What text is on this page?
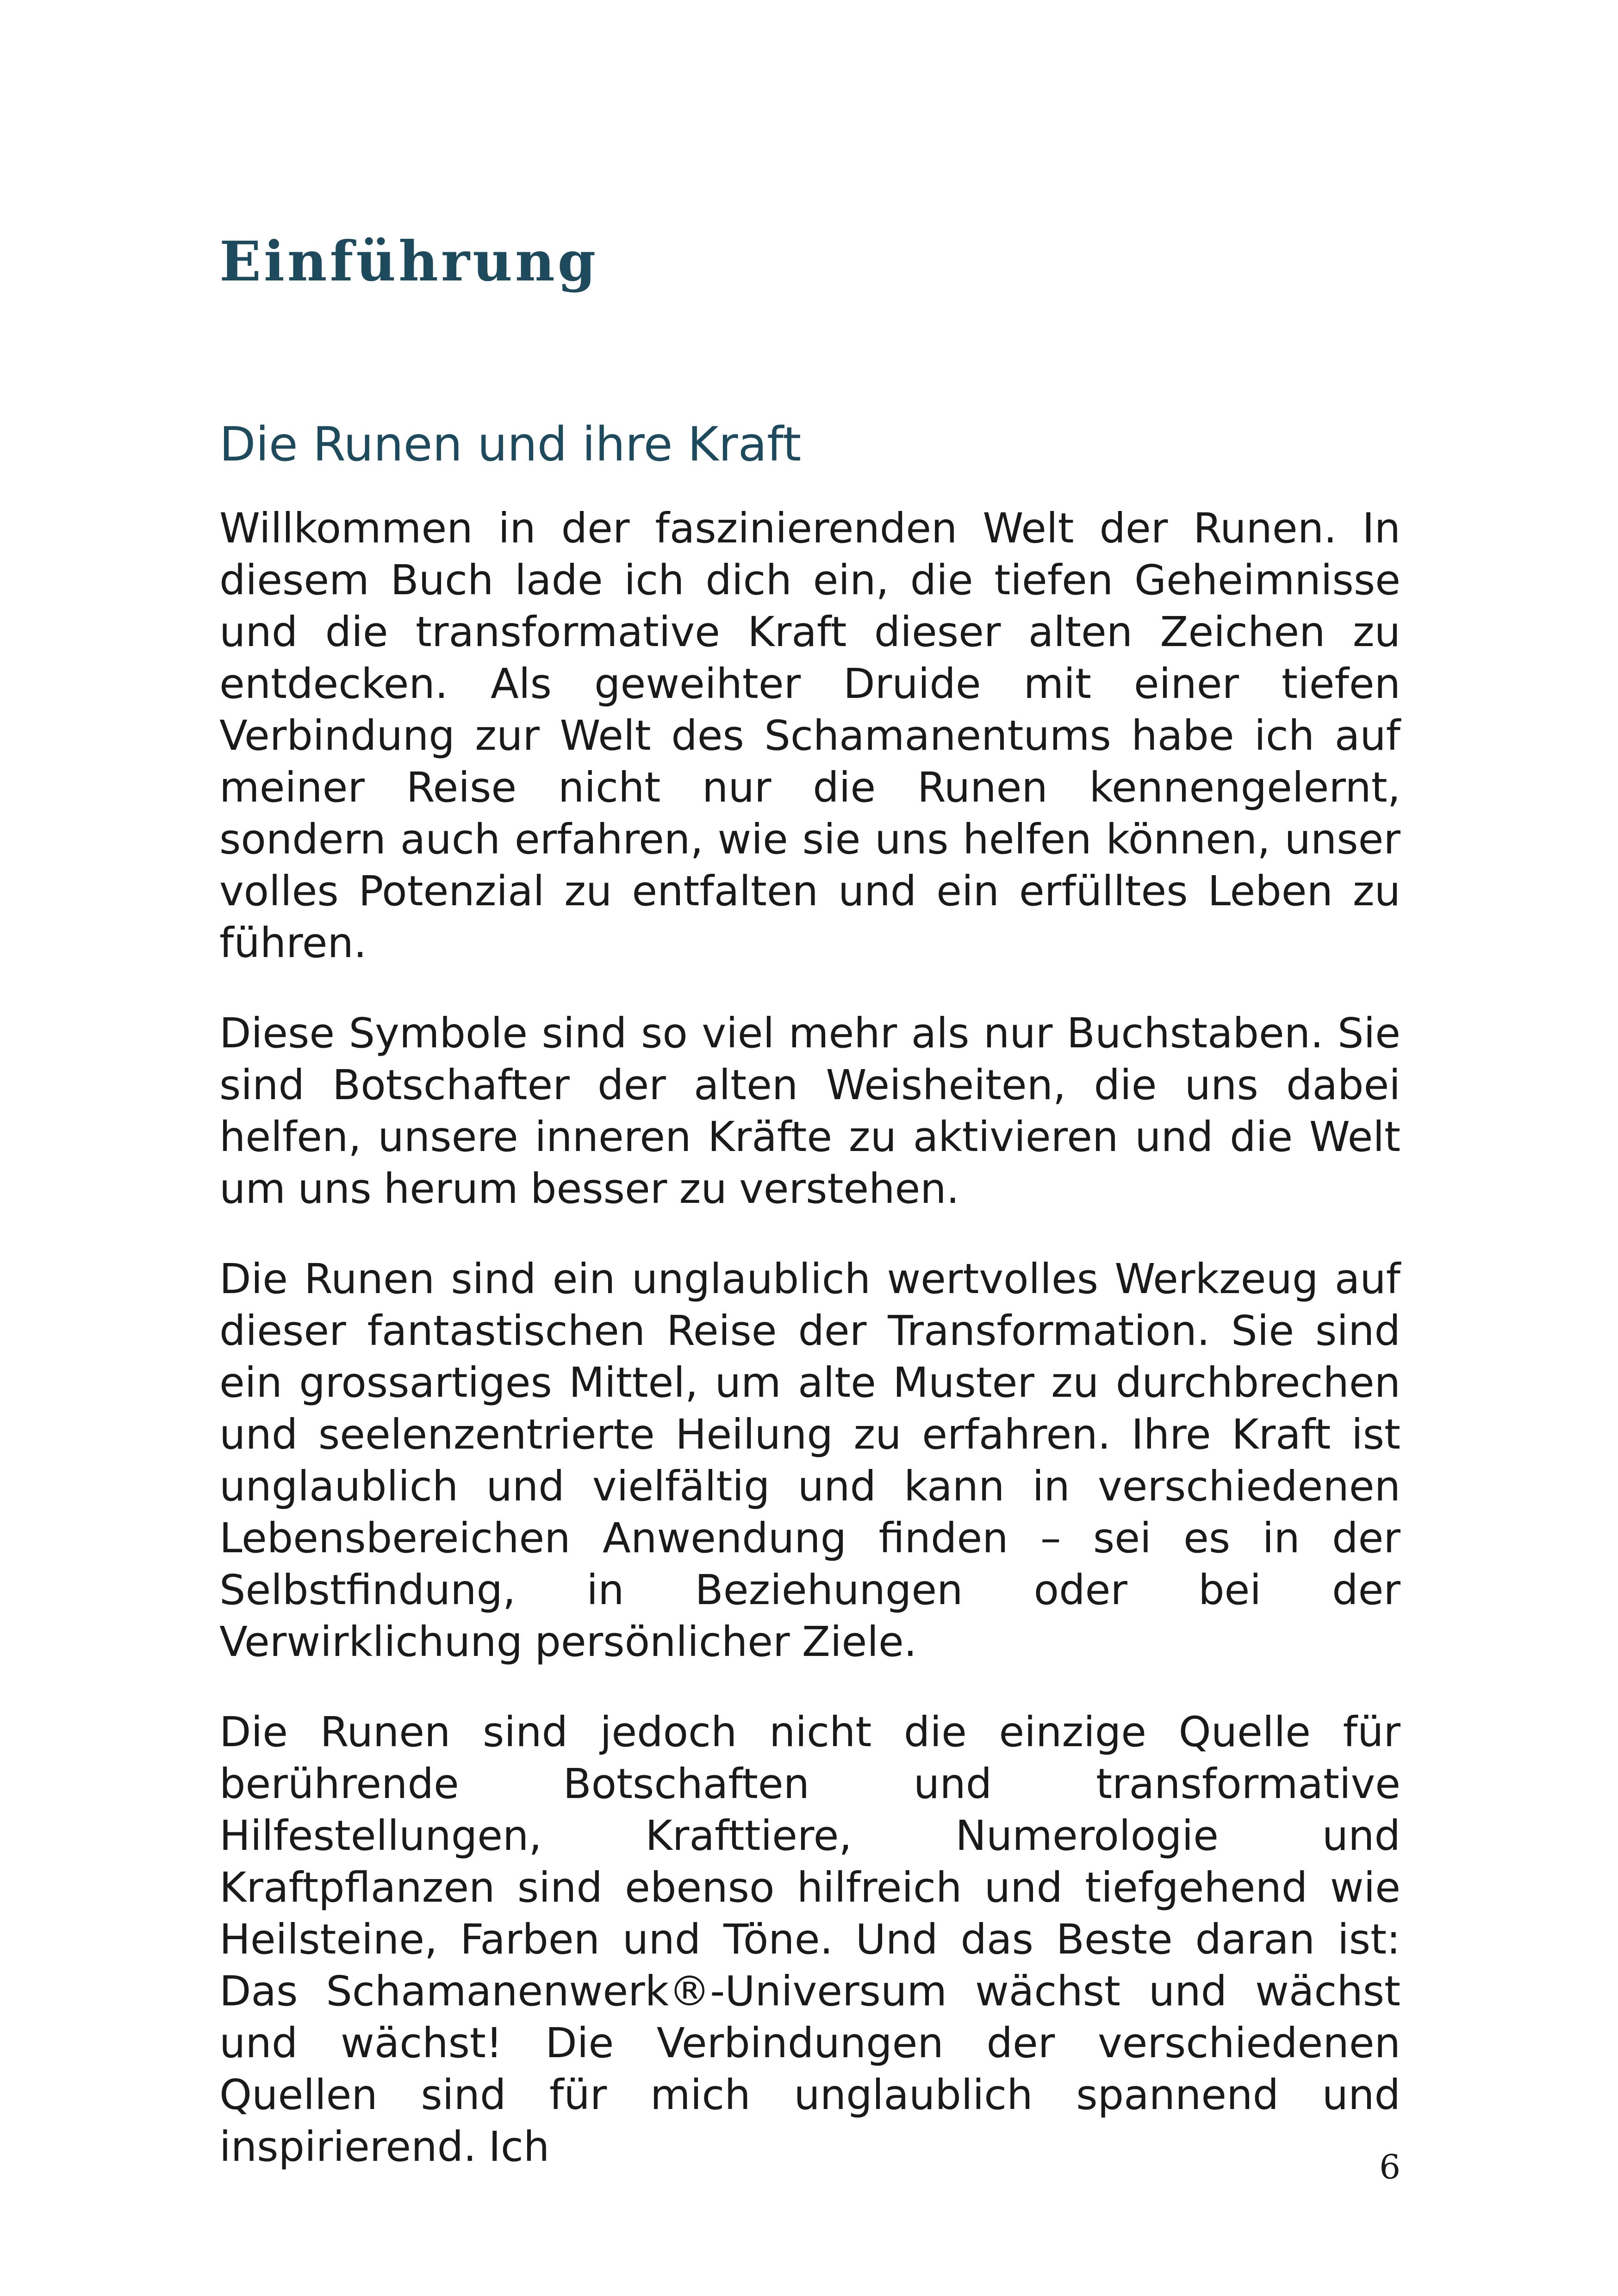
Einführung
Die Runen und ihre Kraft

Willkommen in der faszinierenden Welt der Runen. In diesem Buch lade ich dich ein, die tiefen Geheimnisse und die transformative Kraft dieser alten Zeichen zu entdecken. Als geweihter Druide mit einer tiefen Verbindung zur Welt des Schamanentums habe ich auf meiner Reise nicht nur die Runen kennengelernt, sondern auch erfahren, wie sie uns helfen können, unser volles Potenzial zu entfalten und ein erfülltes Leben zu führen.

Diese Symbole sind so viel mehr als nur Buchstaben. Sie sind Botschafter der alten Weisheiten, die uns dabei helfen, unsere inneren Kräfte zu aktivieren und die Welt um uns herum besser zu verstehen.

Die Runen sind ein unglaublich wertvolles Werkzeug auf dieser fantastischen Reise der Transformation. Sie sind ein grossartiges Mittel, um alte Muster zu durchbrechen und seelenzentrierte Heilung zu erfahren. Ihre Kraft ist unglaublich und vielfältig und kann in verschiedenen Lebensbereichen Anwendung finden – sei es in der Selbstfindung, in Beziehungen oder bei der Verwirklichung persönlicher Ziele.

Die Runen sind jedoch nicht die einzige Quelle für berührende Botschaften und transformative Hilfestellungen, Krafttiere, Numerologie und Kraftpflanzen sind ebenso hilfreich und tiefgehend wie Heilsteine, Farben und Töne. Und das Beste daran ist: Das Schamanenwerk®-Universum wächst und wächst und wächst! Die Verbindungen der verschiedenen Quellen sind für mich unglaublich spannend und inspirierend. Ich	6
